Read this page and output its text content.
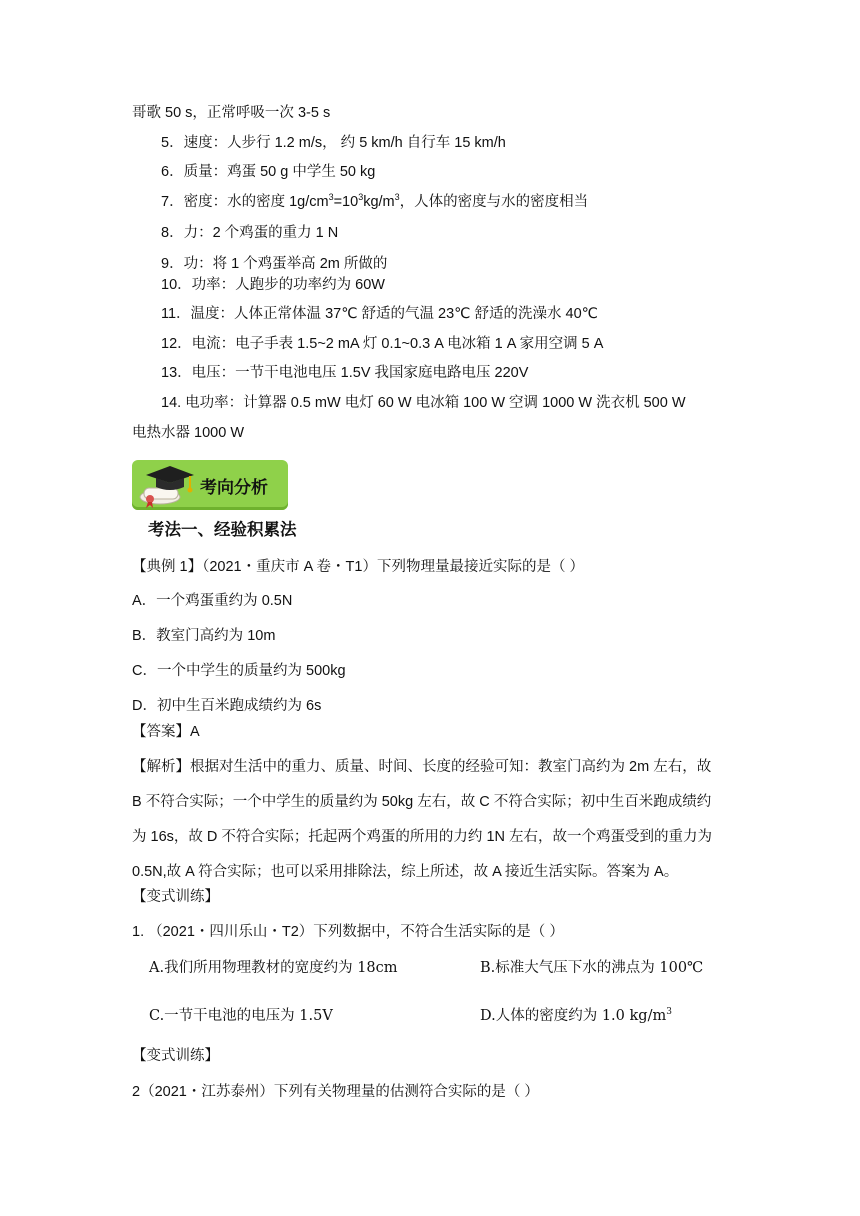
哥歌 50 s，正常呼吸一次 3-5 s
5．速度：人步行 1.2 m/s， 约 5 km/h 自行车 15 km/h
6．质量：鸡蛋 50 g 中学生 50 kg
7．密度：水的密度 $1g/cm^3=10^3kg/m^3$，人体的密度与水的密度相当
8．力：2 个鸡蛋的重力 1 N
9．功：将 1 个鸡蛋举高 2m 所做的
10．功率：人跑步的功率约为 60W
11．温度：人体正常体温 37℃ 舒适的气温 23℃ 舒适的洗澡水 40℃
12．电流：电子手表 1.5~2 mA 灯 0.1~0.3 A 电冰箱 1 A 家用空调 5 A
13．电压：一节干电池电压 1.5V 我国家庭电路电压 220V
14. 电功率：计算器 0.5 mW 电灯 60 W 电冰箱 100 W 空调 1000 W 洗衣机 500 W
电热水器 1000 W
考向分析
考法一、经验积累法
【典例 1】（2021・重庆市 A 卷・T1）下列物理量最接近实际的是（ ）
A．一个鸡蛋重约为 0.5N
B．教室门高约为 10m
C．一个中学生的质量约为 500kg
D．初中生百米跑成绩约为 6s
【答案】A
【解析】根据对生活中的重力、质量、时间、长度的经验可知：教室门高约为 2m 左右，故
B 不符合实际；一个中学生的质量约为 50kg 左右，故 C 不符合实际；初中生百米跑成绩约
为 16s，故 D 不符合实际；托起两个鸡蛋的所用的力约 1N 左右，故一个鸡蛋受到的重力为
0.5N,故 A 符合实际；也可以采用排除法，综上所述，故 A 接近生活实际。答案为 A。
【变式训练】
1. （2021・四川乐山・T2）下列数据中，不符合生活实际的是（ ）
A.我们所用物理教材的宽度约为 18cm	B.标准大气压下水的沸点为 100℃
C.一节干电池的电压为 1.5V	D.人体的密度约为 1.0 $kg/m^3$
【变式训练】
2（2021・江苏泰州）下列有关物理量的估测符合实际的是（ ）
